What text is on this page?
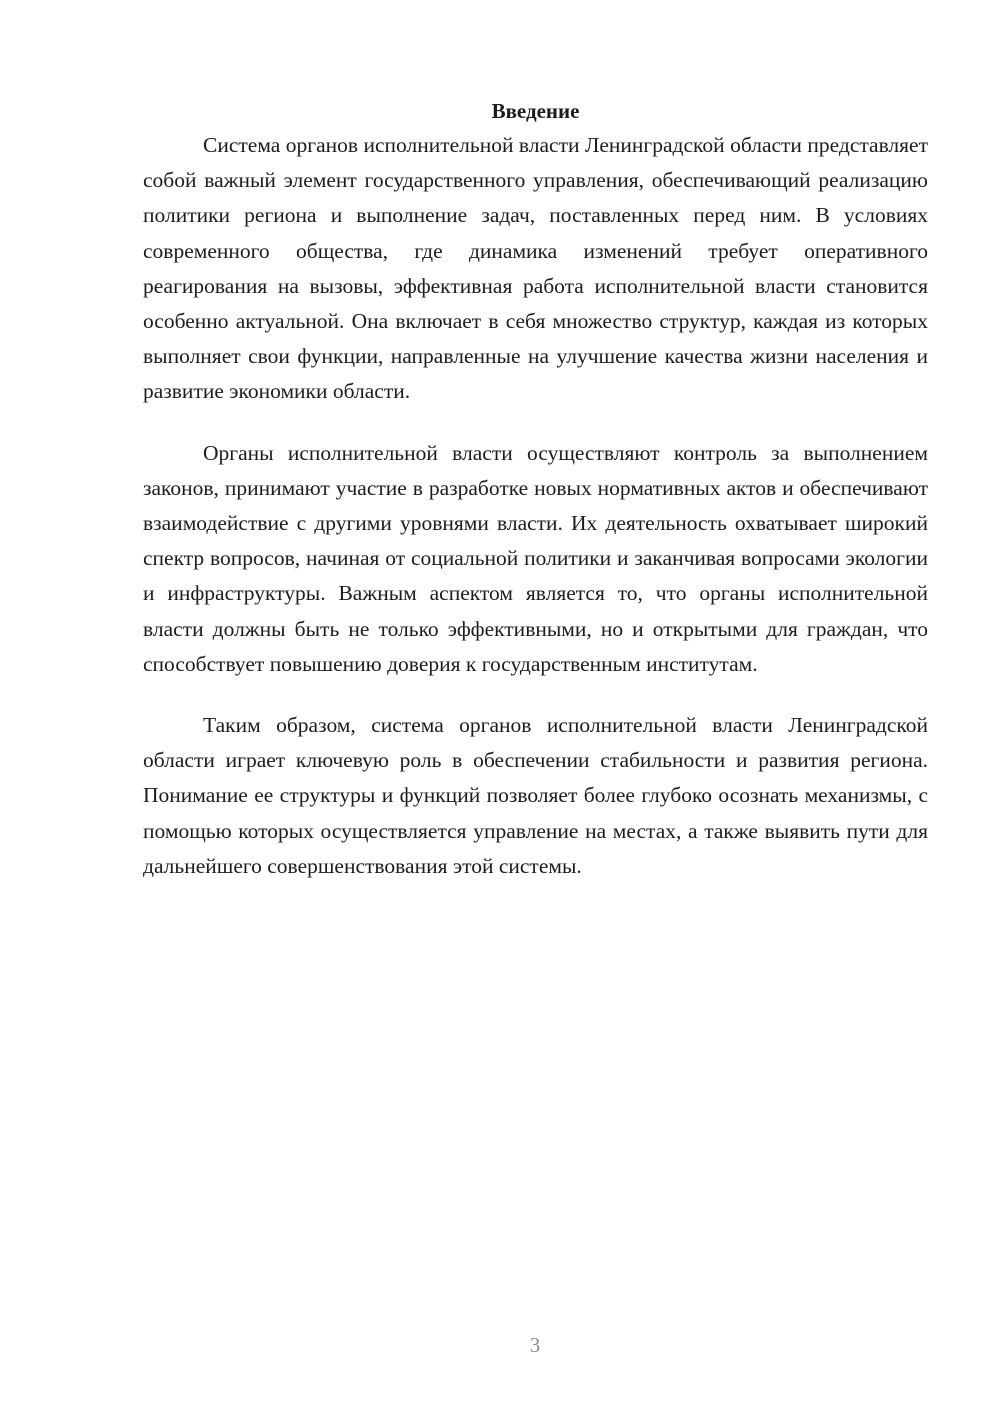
Введение

Система органов исполнительной власти Ленинградской области представляет собой важный элемент государственного управления, обеспечивающий реализацию политики региона и выполнение задач, поставленных перед ним. В условиях современного общества, где динамика изменений требует оперативного реагирования на вызовы, эффективная работа исполнительной власти становится особенно актуальной. Она включает в себя множество структур, каждая из которых выполняет свои функции, направленные на улучшение качества жизни населения и развитие экономики области.

Органы исполнительной власти осуществляют контроль за выполнением законов, принимают участие в разработке новых нормативных актов и обеспечивают взаимодействие с другими уровнями власти. Их деятельность охватывает широкий спектр вопросов, начиная от социальной политики и заканчивая вопросами экологии и инфраструктуры. Важным аспектом является то, что органы исполнительной власти должны быть не только эффективными, но и открытыми для граждан, что способствует повышению доверия к государственным институтам.

Таким образом, система органов исполнительной власти Ленинградской области играет ключевую роль в обеспечении стабильности и развития региона. Понимание ее структуры и функций позволяет более глубоко осознать механизмы, с помощью которых осуществляется управление на местах, а также выявить пути для дальнейшего совершенствования этой системы.

3
